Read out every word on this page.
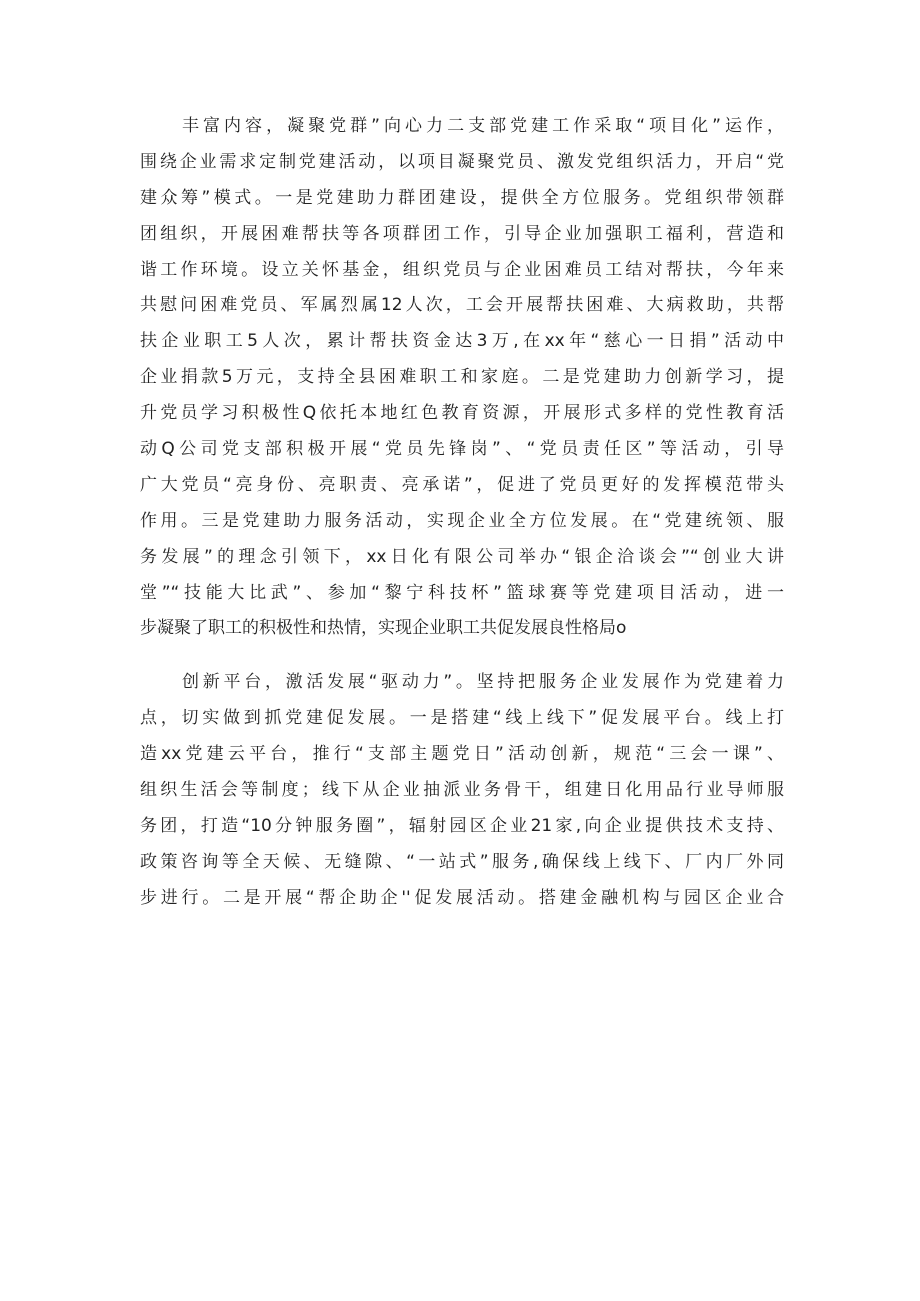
丰富内容，凝聚党群”向心力二支部党建工作采取“项目化”运作，
围绕企业需求定制党建活动，以项目凝聚党员、激发党组织活力，开启“党
建众筹”模式。一是党建助力群团建设，提供全方位服务。党组织带领群
团组织，开展困难帮扶等各项群团工作，引导企业加强职工福利，营造和
谐工作环境。设立关怀基金，组织党员与企业困难员工结对帮扶，今年来
共慰问困难党员、军属烈属12人次，工会开展帮扶困难、大病救助，共帮
扶企业职工5人次，累计帮扶资金达3万,在xx年“慈心一日捐”活动中
企业捐款5万元，支持全县困难职工和家庭。二是党建助力创新学习，提
升党员学习积极性Q依托本地红色教育资源，开展形式多样的党性教育活
动Q公司党支部积极开展“党员先锋岗”、“党员责任区”等活动，引导
广大党员“亮身份、亮职责、亮承诺”，促进了党员更好的发挥模范带头
作用。三是党建助力服务活动，实现企业全方位发展。在“党建统领、服
务发展”的理念引领下，xx日化有限公司举办“银企洽谈会”“创业大讲
堂”“技能大比武”、参加“黎宁科技杯”篮球赛等党建项目活动，进一
步凝聚了职工的积极性和热情，实现企业职工共促发展良性格局o
创新平台，激活发展“驱动力”。坚持把服务企业发展作为党建着力
点，切实做到抓党建促发展。一是搭建“线上线下”促发展平台。线上打
造xx党建云平台，推行“支部主题党日”活动创新，规范“三会一课”、
组织生活会等制度；线下从企业抽派业务骨干，组建日化用品行业导师服
务团，打造“10分钟服务圈”，辐射园区企业21家,向企业提供技术支持、
政策咨询等全天候、无缝隙、“一站式”服务,确保线上线下、厂内厂外同
步进行。二是开展“帮企助企''促发展活动。搭建金融机构与园区企业合
